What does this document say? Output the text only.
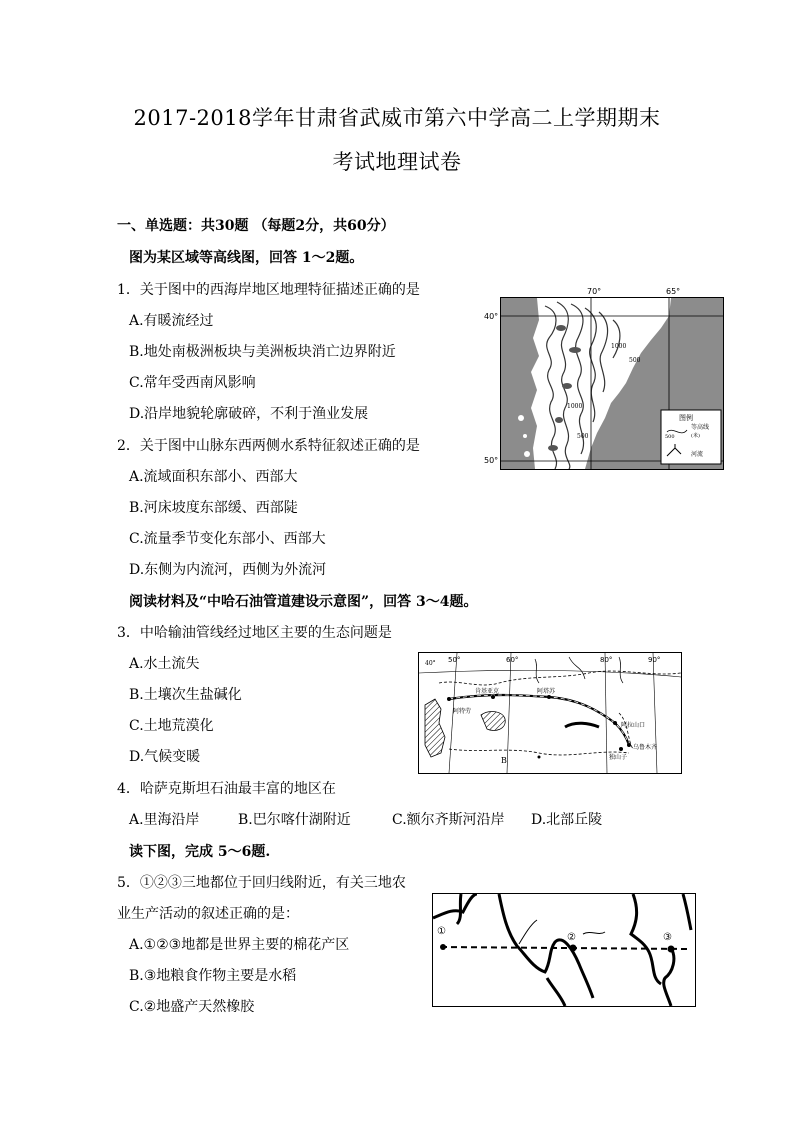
2017-2018学年甘肃省武威市第六中学高二上学期期末
考试地理试卷
一、单选题：共30题 （每题2分，共60分）
图为某区域等高线图，回答 1～2题。
1．关于图中的西海岸地区地理特征描述正确的是
A.有暖流经过
B.地处南极洲板块与美洲板块消亡边界附近
C.常年受西南风影响
D.沿岸地貌轮廓破碎，不利于渔业发展
2．关于图中山脉东西两侧水系特征叙述正确的是
A.流域面积东部小、西部大
B.河床坡度东部缓、西部陡
C.流量季节变化东部小、西部大
D.东侧为内流河，西侧为外流河
阅读材料及“中哈石油管道建设示意图”，回答 3～4题。
3．中哈输油管线经过地区主要的生态问题是
A.水土流失
B.土壤次生盐碱化
C.土地荒漠化
D.气候变暖
4．哈萨克斯坦石油最丰富的地区在
A.里海沿岸	B.巴尔喀什湖附近	C.额尔齐斯河沿岸 D.北部丘陵
读下图，完成 5～6题.
5．①②③三地都位于回归线附近，有关三地农
业生产活动的叙述正确的是：
A.①②③地都是世界主要的棉花产区
B.③地粮食作物主要是水稻
C.②地盛产天然橡胶
1000
500
1000
500
图例
500
等高线
(米)
河流
70°	65°
40°
50°
阿特劳
肯基亚克	阿塔苏
阿拉山口
乌鲁木齐
独山子
B
40° 50°	60°	80°	90°
①
②	③
